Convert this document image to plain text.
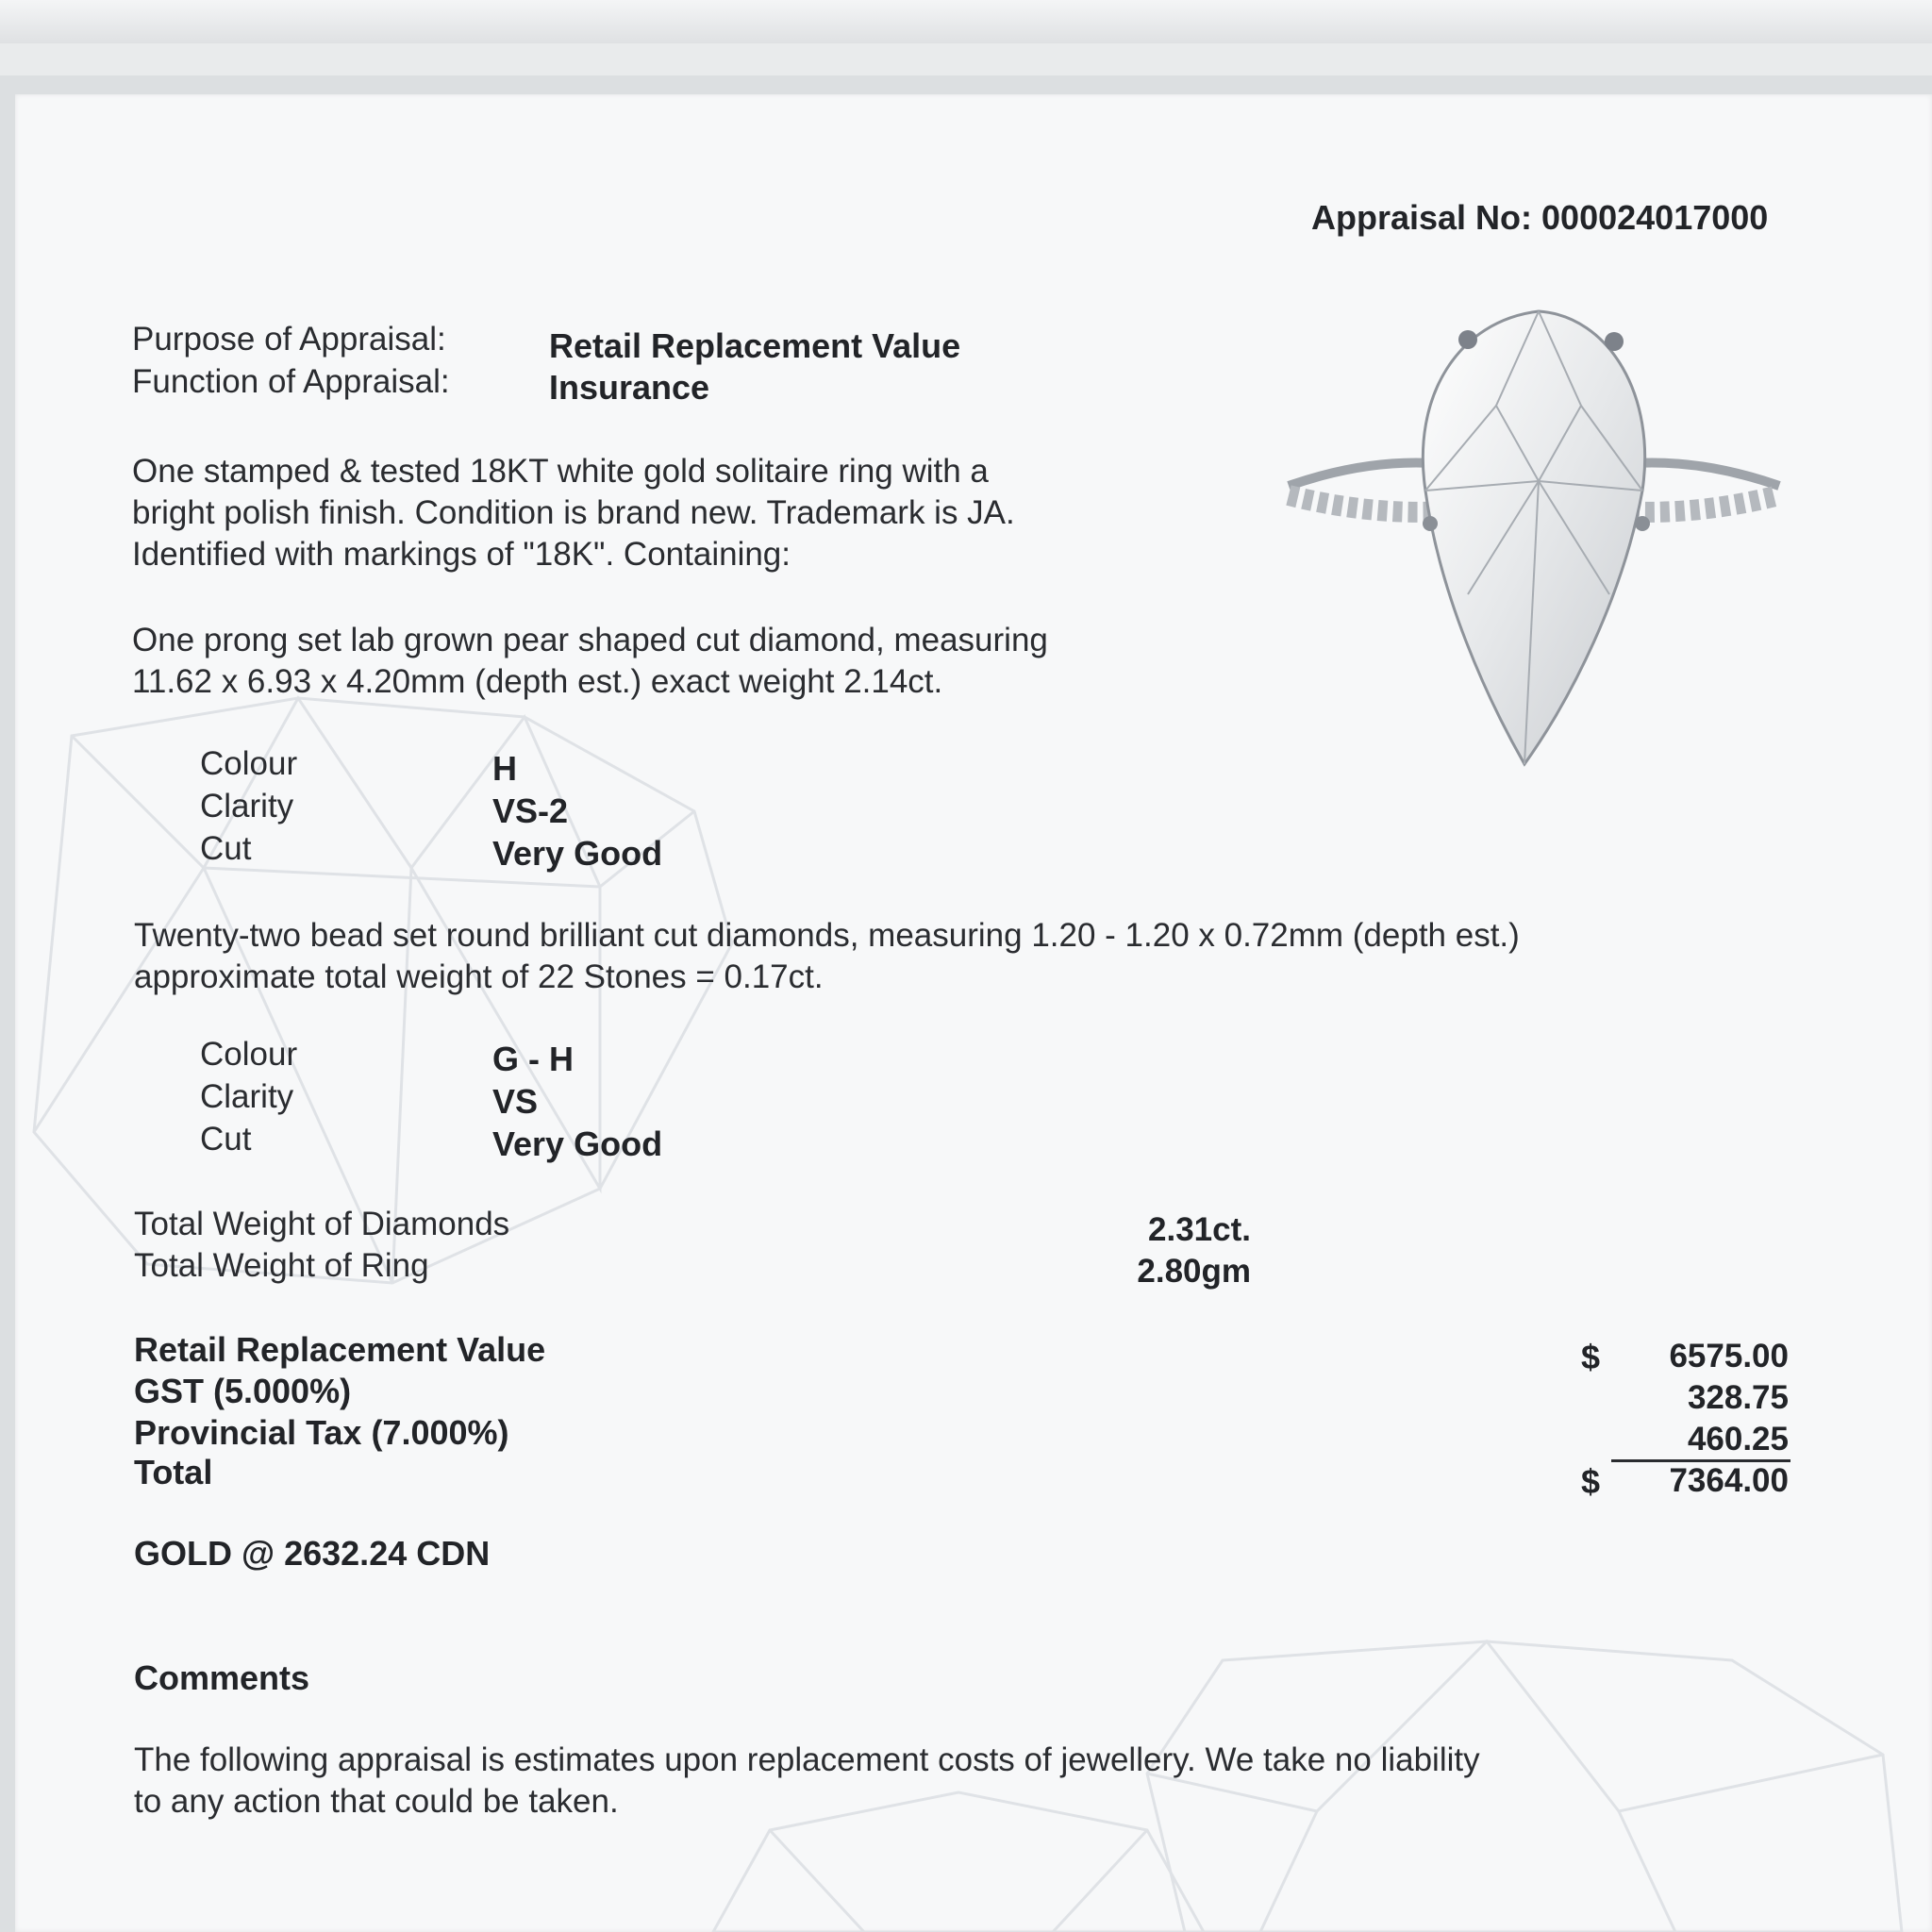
Appraisal No: 000024017000
Purpose of Appraisal:	Retail Replacement Value
Function of Appraisal:	Insurance
One stamped & tested 18KT white gold solitaire ring with a
bright polish finish. Condition is brand new. Trademark is JA.
Identified with markings of "18K". Containing:
One prong set lab grown pear shaped cut diamond, measuring
11.62 x 6.93 x 4.20mm (depth est.) exact weight 2.14ct.
Colour	H
Clarity	VS-2
Cut	Very Good
Twenty-two bead set round brilliant cut diamonds, measuring 1.20 - 1.20 x 0.72mm (depth est.)
approximate total weight of 22 Stones = 0.17ct.
Colour	G - H
Clarity	VS
Cut	Very Good
Total Weight of Diamonds	2.31ct.
Total Weight of Ring	2.80gm
Retail Replacement Value	$	6575.00
GST (5.000%)	328.75
Provincial Tax (7.000%)	460.25
Total	$	7364.00
GOLD @ 2632.24 CDN
Comments
The following appraisal is estimates upon replacement costs of jewellery. We take no liability
to any action that could be taken.
